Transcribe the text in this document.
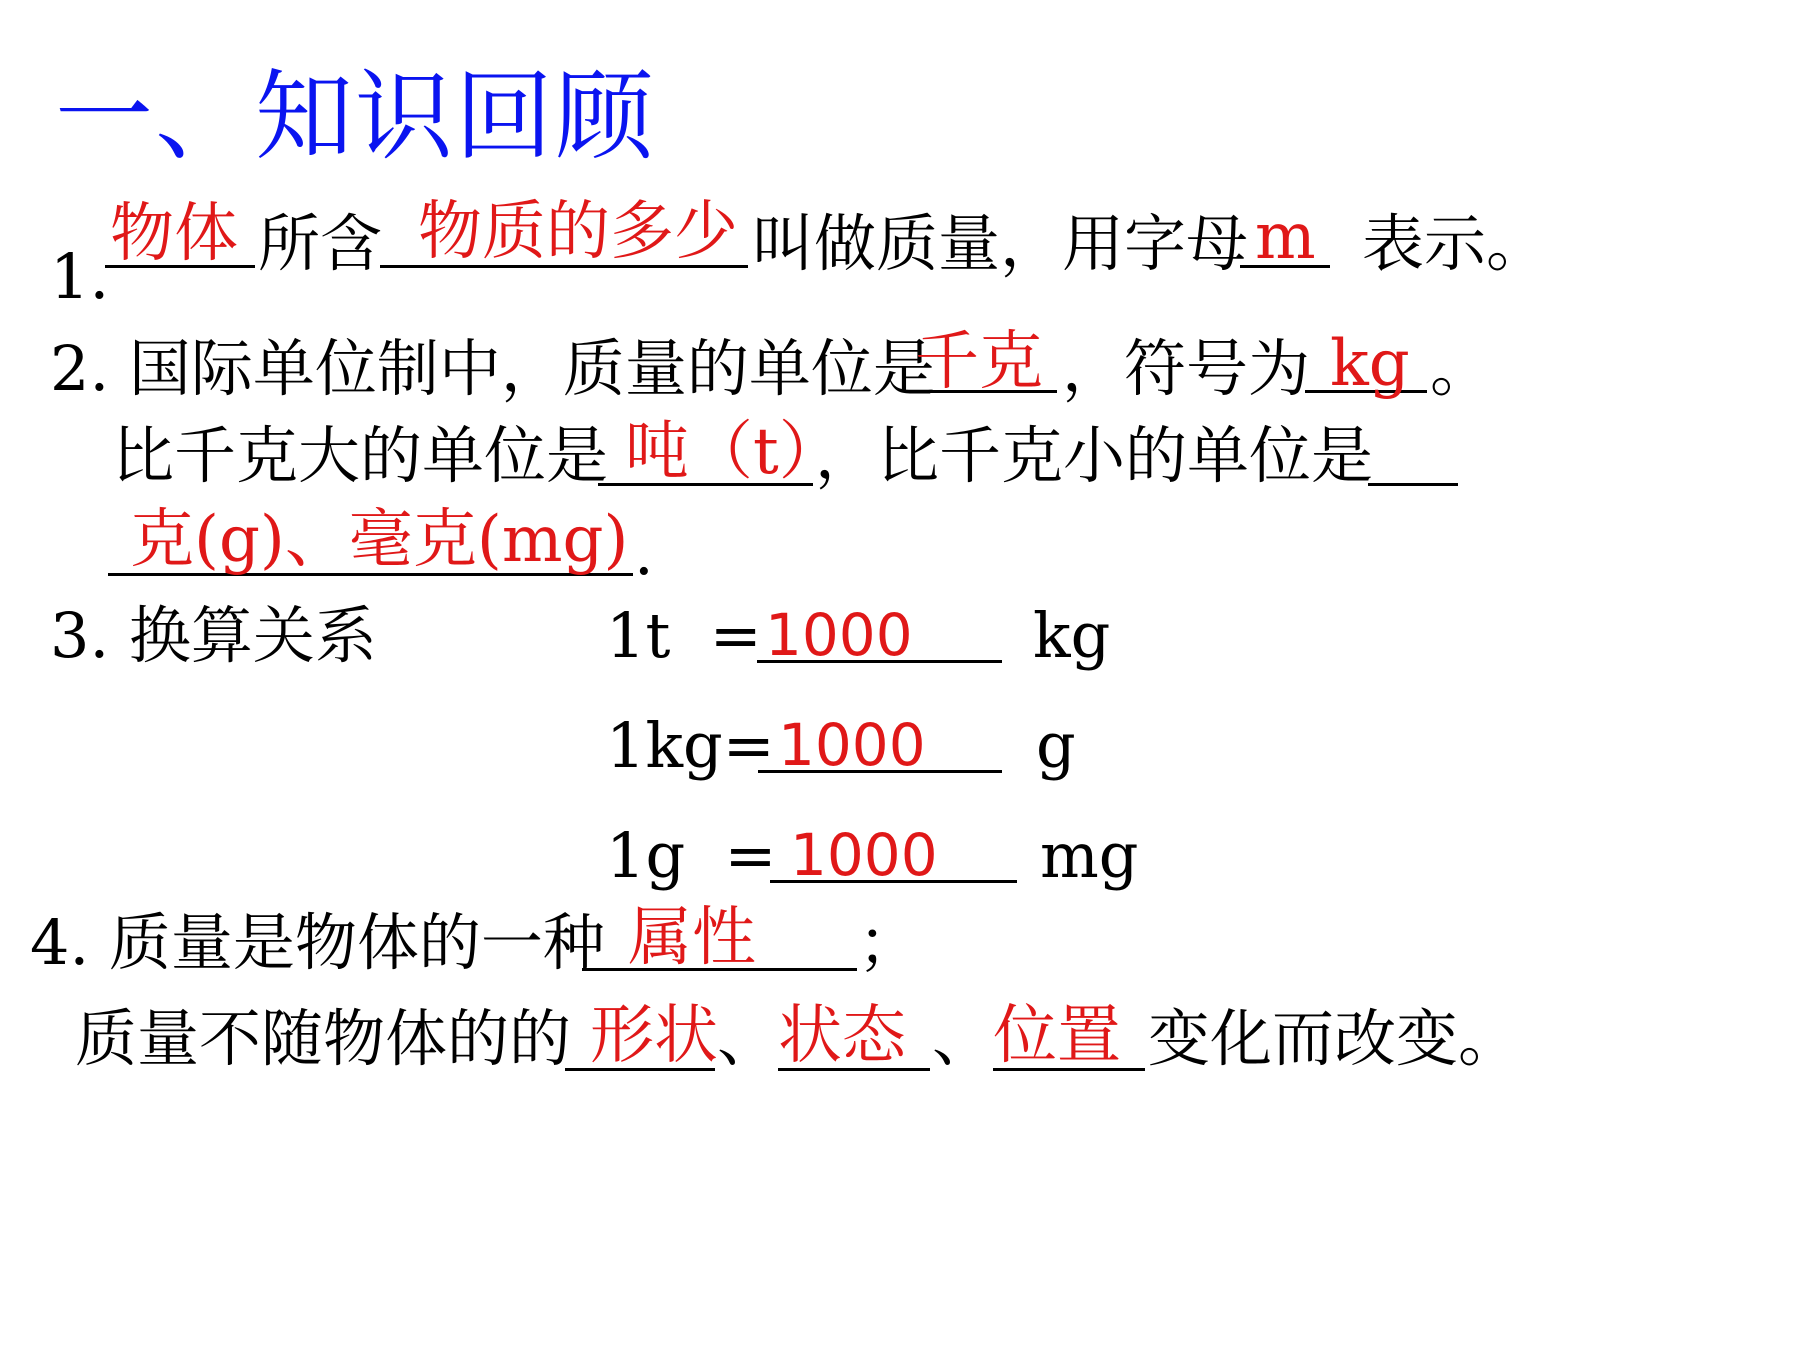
一、知识回顾
1.
物体 所含 物质的多少 叫做质量，用字母 m 表示。
2. 国际单位制中，质量的单位是
千克 ，符号为 kg 。
比千克大的单位是 吨（t）
，比千克小的单位是
克(g)、毫克(mg) .
3. 换算关系	1t  = 1000 kg
1kg= 1000 g
1g  = 1000 mg
4. 质量是物体的一种 属性 ；
质量不随物体的的 形状 、
状态 、
位置 变化而改变。
